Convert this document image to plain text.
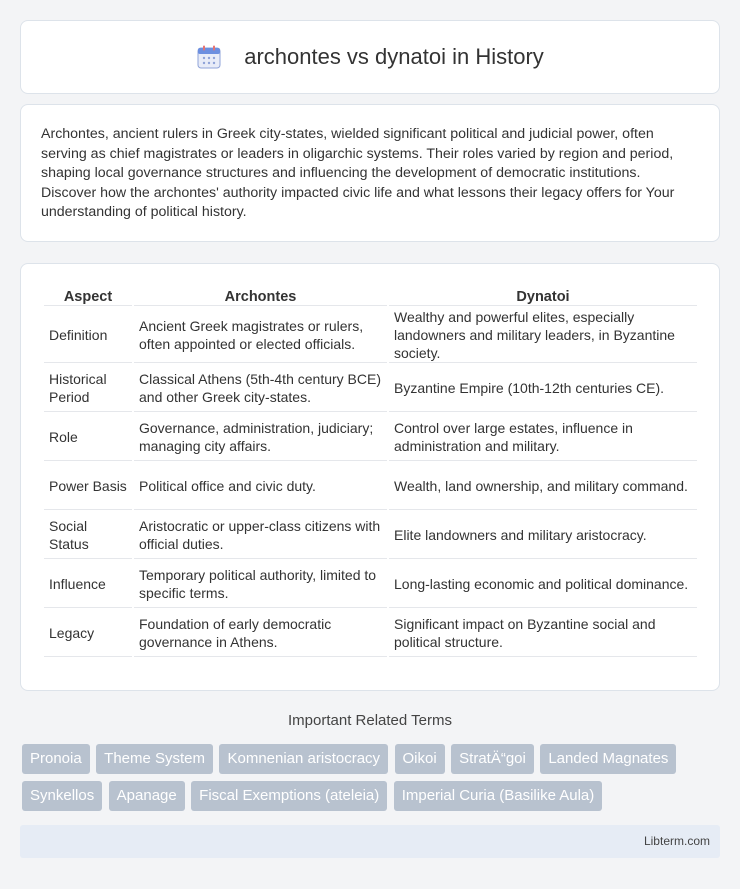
archontes vs dynatoi in History

Archontes, ancient rulers in Greek city-states, wielded significant political and judicial power, often serving as chief magistrates or leaders in oligarchic systems. Their roles varied by region and period, shaping local governance structures and influencing the development of democratic institutions. Discover how the archontes' authority impacted civic life and what lessons their legacy offers for Your understanding of political history.

Aspect	Archontes	Dynatoi
Definition	Ancient Greek magistrates or rulers, often appointed or elected officials.	Wealthy and powerful elites, especially landowners and military leaders, in Byzantine society.
Historical Period	Classical Athens (5th-4th century BCE) and other Greek city-states.	Byzantine Empire (10th-12th centuries CE).
Role	Governance, administration, judiciary; managing city affairs.	Control over large estates, influence in administration and military.
Power Basis	Political office and civic duty.	Wealth, land ownership, and military command.
Social Status	Aristocratic or upper-class citizens with official duties.	Elite landowners and military aristocracy.
Influence	Temporary political authority, limited to specific terms.	Long-lasting economic and political dominance.
Legacy	Foundation of early democratic governance in Athens.	Significant impact on Byzantine social and political structure.
Important Related Terms
Pronoia Theme System Komnenian aristocracy Oikoi StratÄ“goi Landed Magnates
Synkellos Apanage Fiscal Exemptions (ateleia) Imperial Curia (Basilike Aula)
Libterm.com
